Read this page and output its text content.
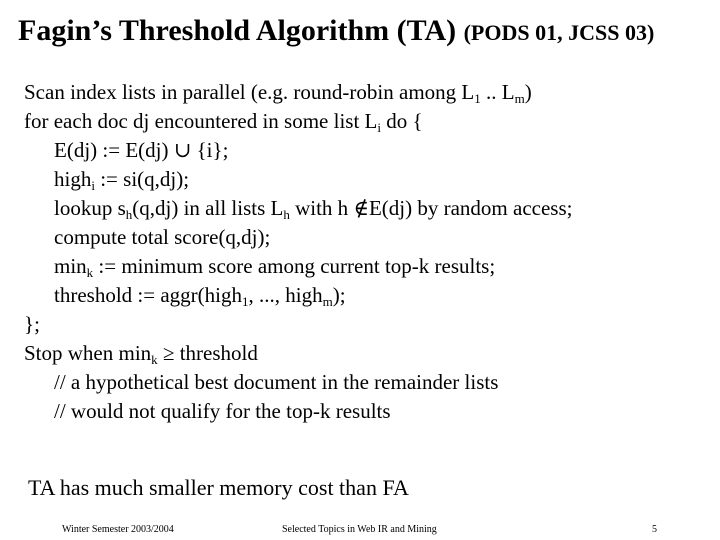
Fagin’s Threshold Algorithm (TA) (PODS 01, JCSS 03)
Scan index lists in parallel (e.g. round-robin among $L_1$ .. $L_m$)
for each doc dj encountered in some list $L_i$ do {
E(dj) := E(dj) ∪ {i};
high$_i$ := si(q,dj);
lookup $s_h(q,dj)$ in all lists $L_h$ with h ∉E(dj) by random access;
compute total score(q,dj);
$\min_k$ := minimum score among current top-k results;
threshold := aggr(high$_1$, ..., high$_m$);
};
Stop when $\min_k$ ≥ threshold
// a hypothetical best document in the remainder lists
// would not qualify for the top-k results
TA has much smaller memory cost than FA
Winter Semester 2003/2004	Selected Topics in Web IR and Mining	5
